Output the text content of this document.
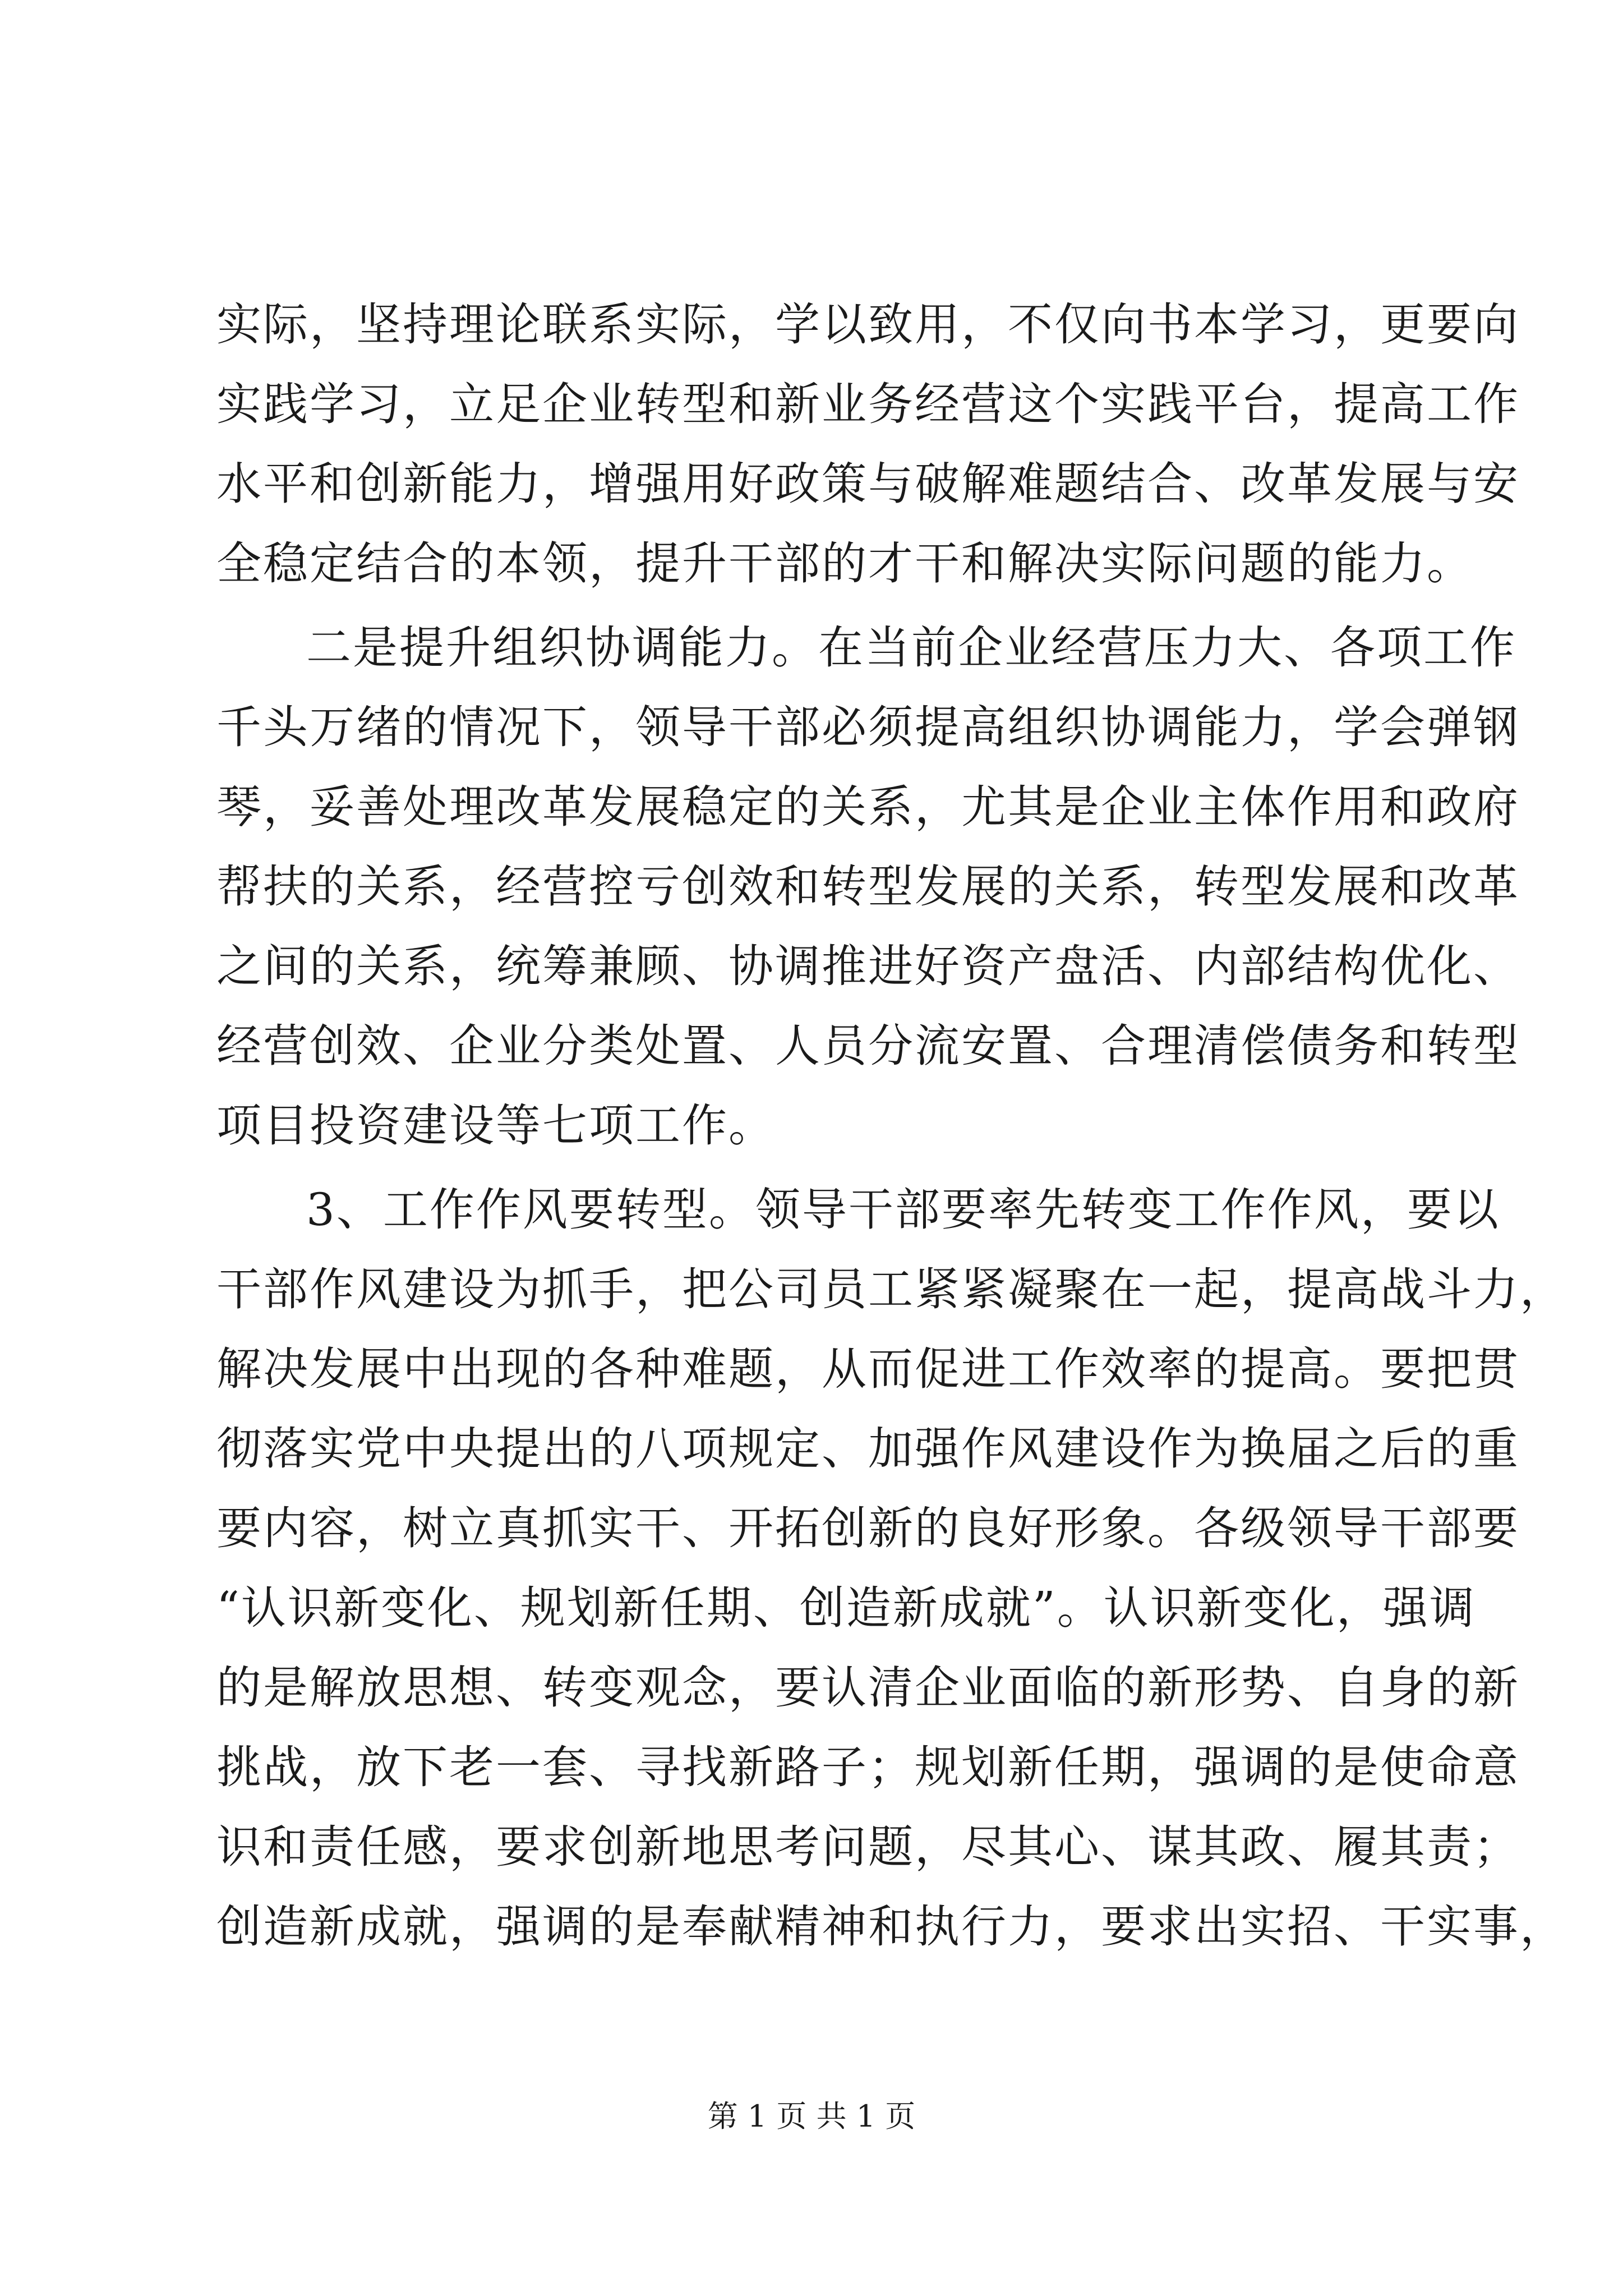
实际，坚持理论联系实际，学以致用，不仅向书本学习，更要向
实践学习，立足企业转型和新业务经营这个实践平台，提高工作
水平和创新能力，增强用好政策与破解难题结合、改革发展与安
全稳定结合的本领，提升干部的才干和解决实际问题的能力。
二是提升组织协调能力。在当前企业经营压力大、各项工作
千头万绪的情况下，领导干部必须提高组织协调能力，学会弹钢
琴，妥善处理改革发展稳定的关系，尤其是企业主体作用和政府
帮扶的关系，经营控亏创效和转型发展的关系，转型发展和改革
之间的关系，统筹兼顾、协调推进好资产盘活、内部结构优化、
经营创效、企业分类处置、人员分流安置、合理清偿债务和转型
项目投资建设等七项工作。
3、工作作风要转型。领导干部要率先转变工作作风，要以
干部作风建设为抓手，把公司员工紧紧凝聚在一起，提高战斗力，
解决发展中出现的各种难题，从而促进工作效率的提高。要把贯
彻落实党中央提出的八项规定、加强作风建设作为换届之后的重
要内容，树立真抓实干、开拓创新的良好形象。各级领导干部要
“认识新变化、规划新任期、创造新成就”。认识新变化，强调
的是解放思想、转变观念，要认清企业面临的新形势、自身的新
挑战，放下老一套、寻找新路子；规划新任期，强调的是使命意
识和责任感，要求创新地思考问题，尽其心、谋其政、履其责；
创造新成就，强调的是奉献精神和执行力，要求出实招、干实事，
第 1 页 共 1 页
